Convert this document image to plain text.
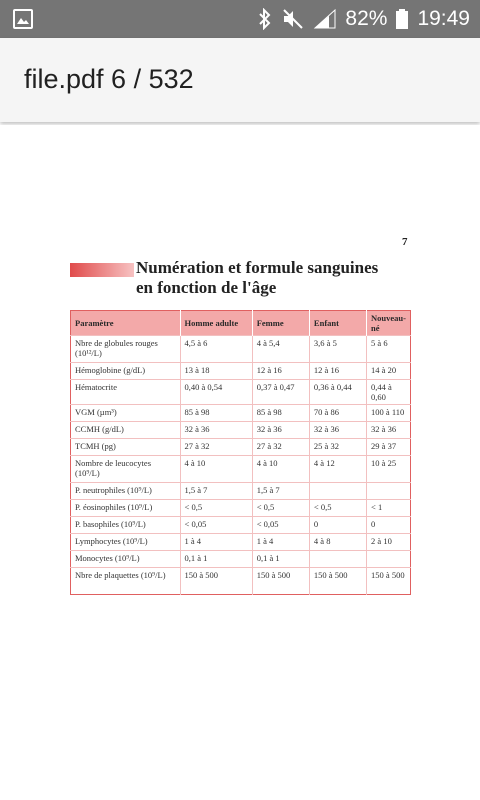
82% 19:49
file.pdf 6 / 532
7
Numération et formule sanguines
en fonction de l'âge
Paramètre	Homme adulte	Femme	Enfant	Nouveau-né
Nbre de globules rouges (10¹²/L)	4,5 à 6	4 à 5,4	3,6 à 5	5 à 6
Hémoglobine (g/dL)	13 à 18	12 à 16	12 à 16	14 à 20
Hématocrite	0,40 à 0,54	0,37 à 0,47	0,36 à 0,44	0,44 à 0,60
VGM (µm³)	85 à 98	85 à 98	70 à 86	100 à 110
CCMH (g/dL)	32 à 36	32 à 36	32 à 36	32 à 36
TCMH (pg)	27 à 32	27 à 32	25 à 32	29 à 37
Nombre de leucocytes (10⁹/L)	4 à 10	4 à 10	4 à 12	10 à 25
P. neutrophiles (10⁹/L)	1,5 à 7	1,5 à 7		
P. éosinophiles (10⁹/L)	< 0,5	< 0,5	< 0,5	< 1
P. basophiles (10⁹/L)	< 0,05	< 0,05	0	0
Lymphocytes (10⁹/L)	1 à 4	1 à 4	4 à 8	2 à 10
Monocytes (10⁹/L)	0,1 à 1	0,1 à 1		
Nbre de plaquettes (10⁹/L)	150 à 500	150 à 500	150 à 500	150 à 500
